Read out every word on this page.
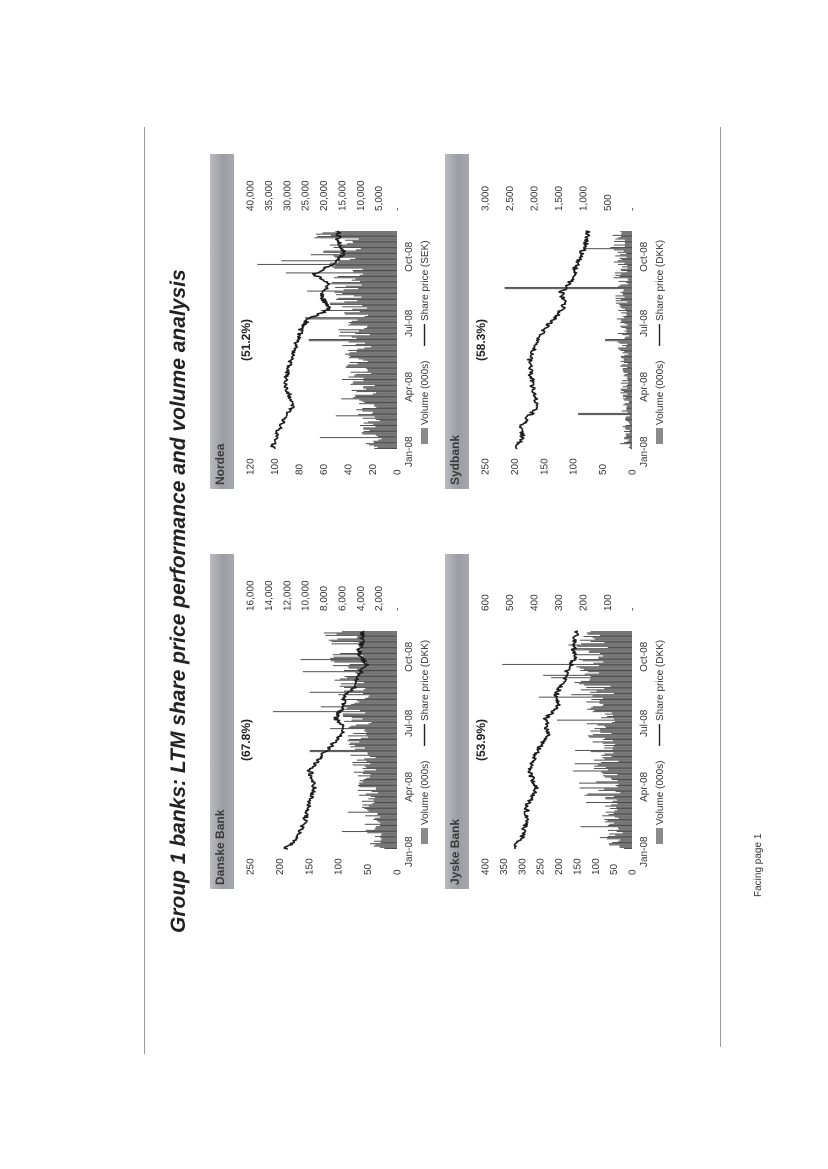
Group 1 banks: LTM share price performance and volume analysis	Facing page 1
Danske Bank
(67.8%)
250 200 150 100 50 0
16,000 14,000 12,000 10,000 8,000 6,000 4,000 2,000 -
Jan-08
Apr-08
Jul-08
Oct-08
Volume (000s)
Share price (DKK)
Nordea
(51.2%)
120 100 80 60 40 20 0
40,000 35,000 30,000 25,000 20,000 15,000 10,000 5,000 -
Jan-08
Apr-08
Jul-08
Oct-08
Volume (000s)
Share price (SEK)
Jyske Bank
(53.9%)
400 350 300 250 200 150 100 50 0
600 500 400 300 200 100 -
Jan-08
Apr-08
Jul-08
Oct-08
Volume (000s)
Share price (DKK)
Sydbank
(58.3%)
250 200 150 100 50 0
3,000 2,500 2,000 1,500 1,000 500 -
Jan-08
Apr-08
Jul-08
Oct-08
Volume (000s)
Share price (DKK)
